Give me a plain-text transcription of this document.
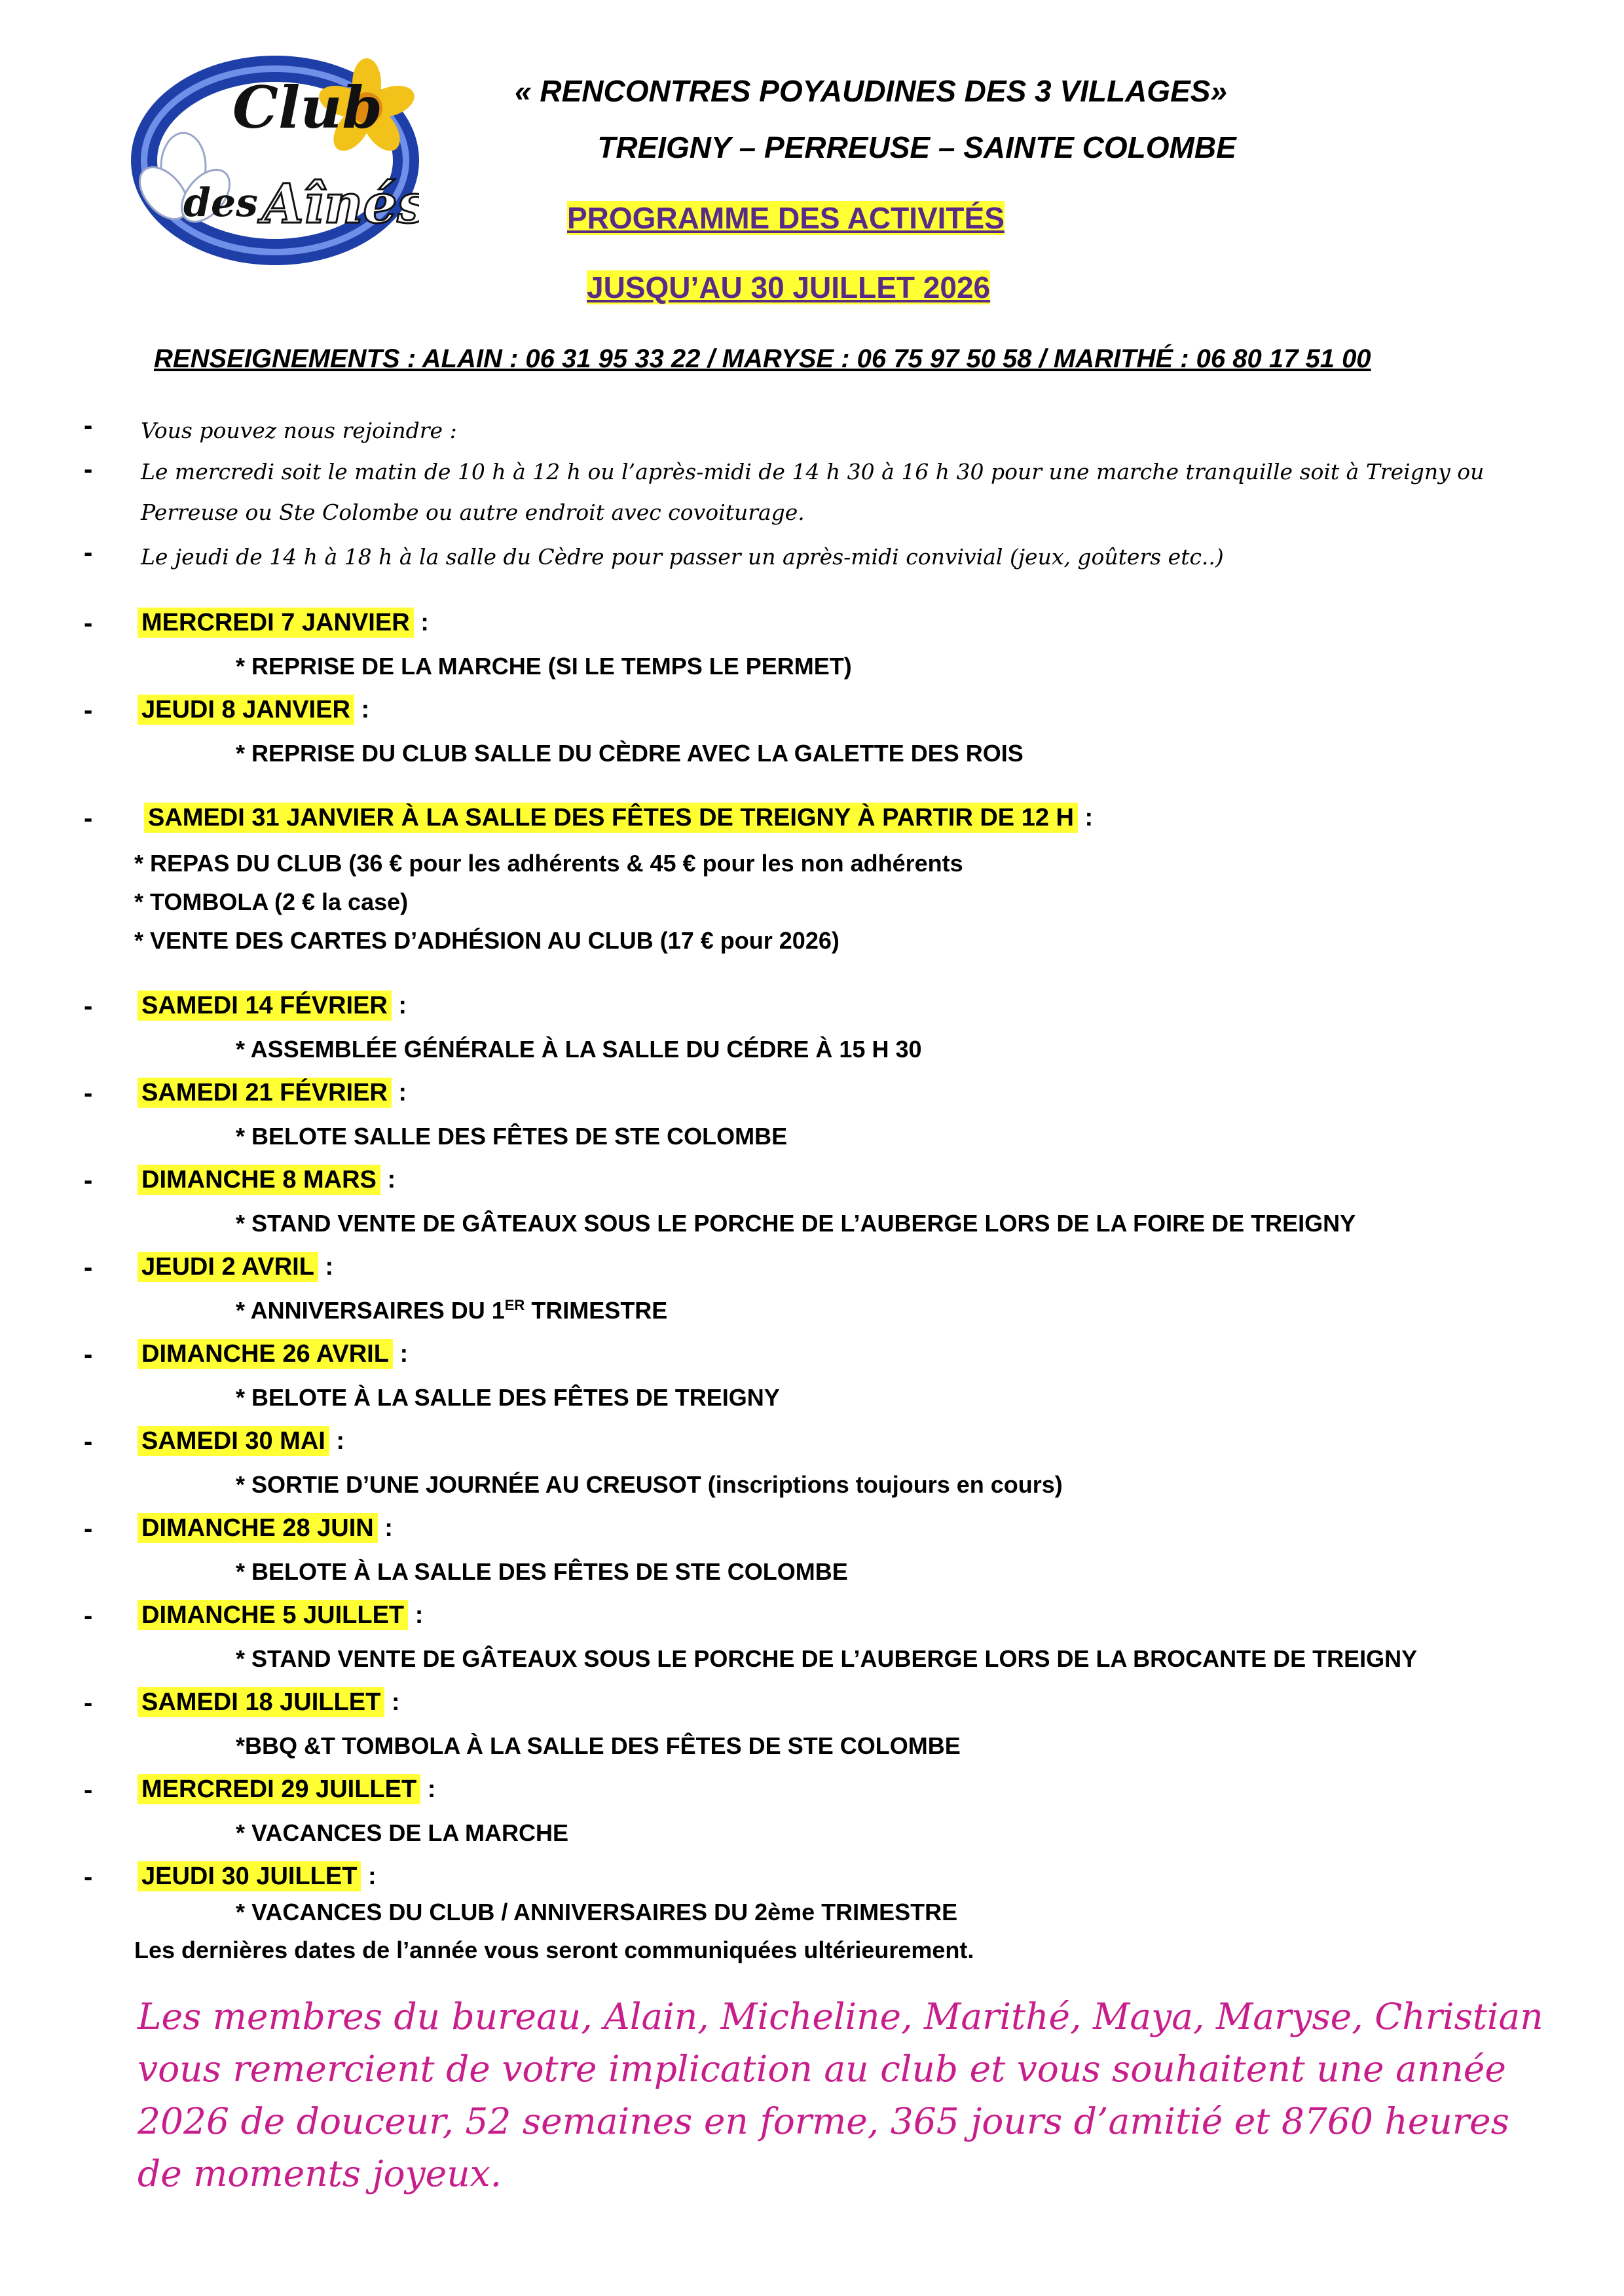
Club
des Aînés
« RENCONTRES POYAUDINES DES 3 VILLAGES»
TREIGNY – PERREUSE – SAINTE COLOMBE
PROGRAMME DES ACTIVITÉS
JUSQU’AU 30 JUILLET 2026
RENSEIGNEMENTS : ALAIN : 06 31 95 33 22 / MARYSE : 06 75 97 50 58 / MARITHÉ : 06 80 17 51 00
- Vous pouvez nous rejoindre :
- Le mercredi soit le matin de 10 h à 12 h ou l’après-midi de 14 h 30 à 16 h 30 pour une marche tranquille soit à Treigny ou Perreuse ou Ste Colombe ou autre endroit avec covoiturage.
- Le jeudi de 14 h à 18 h à la salle du Cèdre pour passer un après-midi convivial (jeux, goûters etc..)
- MERCREDI 7 JANVIER :
* REPRISE DE LA MARCHE (SI LE TEMPS LE PERMET)
- JEUDI 8 JANVIER :
* REPRISE DU CLUB SALLE DU CÈDRE AVEC LA GALETTE DES ROIS
- SAMEDI 31 JANVIER À LA SALLE DES FÊTES DE TREIGNY À PARTIR DE 12 H :
* REPAS DU CLUB (36 € pour les adhérents & 45 € pour les non adhérents
* TOMBOLA (2 € la case)
* VENTE DES CARTES D’ADHÉSION AU CLUB (17 € pour 2026)
- SAMEDI 14 FÉVRIER :
* ASSEMBLÉE GÉNÉRALE À LA SALLE DU CÉDRE À 15 H 30
- SAMEDI 21 FÉVRIER :
* BELOTE SALLE DES FÊTES DE STE COLOMBE
- DIMANCHE 8 MARS :
* STAND VENTE DE GÂTEAUX SOUS LE PORCHE DE L’AUBERGE LORS DE LA FOIRE DE TREIGNY
- JEUDI 2 AVRIL :
* ANNIVERSAIRES DU 1ER TRIMESTRE
- DIMANCHE 26 AVRIL :
* BELOTE À LA SALLE DES FÊTES DE TREIGNY
- SAMEDI 30 MAI :
* SORTIE D’UNE JOURNÉE AU CREUSOT (inscriptions toujours en cours)
- DIMANCHE 28 JUIN :
* BELOTE À LA SALLE DES FÊTES DE STE COLOMBE
- DIMANCHE 5 JUILLET :
* STAND VENTE DE GÂTEAUX SOUS LE PORCHE DE L’AUBERGE LORS DE LA BROCANTE DE TREIGNY
- SAMEDI 18 JUILLET :
*BBQ &T TOMBOLA À LA SALLE DES FÊTES DE STE COLOMBE
- MERCREDI 29 JUILLET :
* VACANCES DE LA MARCHE
- JEUDI 30 JUILLET :
* VACANCES DU CLUB / ANNIVERSAIRES DU 2ème TRIMESTRE
Les dernières dates de l’année vous seront communiquées ultérieurement.
Les membres du bureau, Alain, Micheline, Marithé, Maya, Maryse, Christian vous remercient de votre implication au club et vous souhaitent une année 2026 de douceur, 52 semaines en forme, 365 jours d’amitié et 8760 heures de moments joyeux.
